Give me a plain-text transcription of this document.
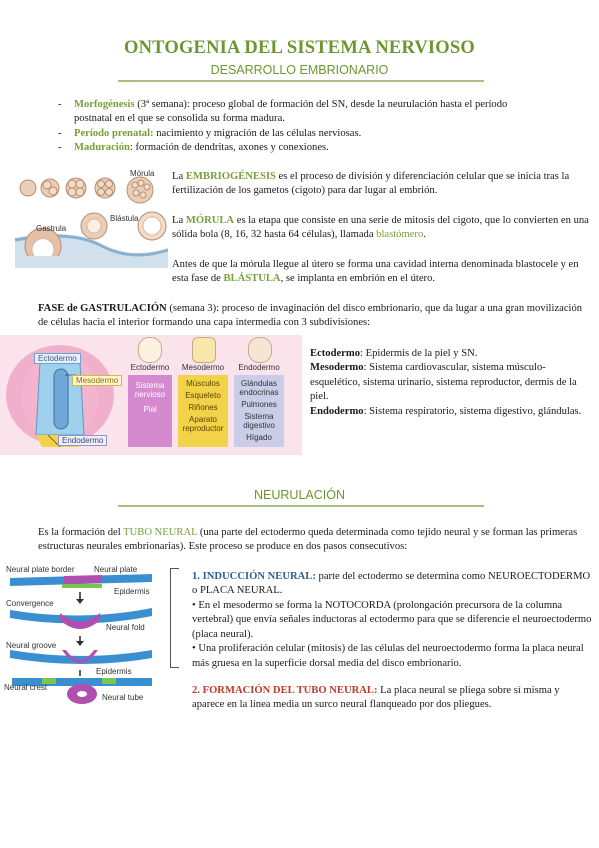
ONTOGENIA DEL SISTEMA NERVIOSO
DESARROLLO EMBRIONARIO
- Morfogénesis (3ª semana): proceso global de formación del SN, desde la neurulación hasta el período postnatal en el que se consolida su forma madura.
- Período prenatal: nacimiento y migración de las células nerviosas.
- Maduración: formación de dendritas, axones y conexiones.
Mórula
Gastrula
Blástula
La EMBRIOGÉNESIS es el proceso de división y diferenciación celular que se inicia tras la fertilización de los gametos (cigoto) para dar lugar al embrión.
La MÓRULA es la etapa que consiste en una serie de mitosis del cigoto, que lo convierten en una sólida bola (8, 16, 32 hasta 64 células), llamada blastómero.
Antes de que la mórula llegue al útero se forma una cavidad interna denominada blastocele y en esta fase de BLÁSTULA, se implanta en embrión en el útero.
FASE de GASTRULACIÓN (semana 3): proceso de invaginación del disco embrionario, que da lugar a una gran movilización de células hacia el interior formando una capa intermedia con 3 subdivisiones:
Ectodermo
Mesodermo
Endodermo
Ectodermo
Sistema nervioso
Piel
Mesodermo
Músculos
Esqueleto
Riñones
Aparato reproductor
Endodermo
Glándulas endocrinas
Pulmones
Sistema digestivo
Hígado
Ectodermo: Epidermis de la piel y SN.
Mesodermo: Sistema cardiovascular, sistema músculo-esquelético, sistema urinario, sistema reproductor, dermis de la piel.
Endodermo: Sistema respiratorio, sistema digestivo, glándulas.
NEURULACIÓN
Es la formación del TUBO NEURAL (una parte del ectodermo queda determinada como tejido neural y se forman las primeras estructuras neurales embrionarias). Este proceso se produce en dos pasos consecutivos:
Neural plate border Neural plate
Epidermis
Convergence
Neural fold
Neural groove
Epidermis
Neural crest
Neural tube
1. INDUCCIÓN NEURAL: parte del ectodermo se determina como NEUROECTODERMO o PLACA NEURAL.
• En el mesodermo se forma la NOTOCORDA (prolongación precursora de la columna vertebral) que envía señales inductoras al ectodermo para que se diferencie el neuroectodermo (placa neural).
• Una proliferación celular (mitosis) de las células del neuroectodermo forma la placa neural más gruesa en la superficie dorsal media del disco embrionario.
2. FORMACIÓN DEL TUBO NEURAL: La placa neural se pliega sobre sí misma y aparece en la línea media un surco neural flanqueado por dos pliegues.
